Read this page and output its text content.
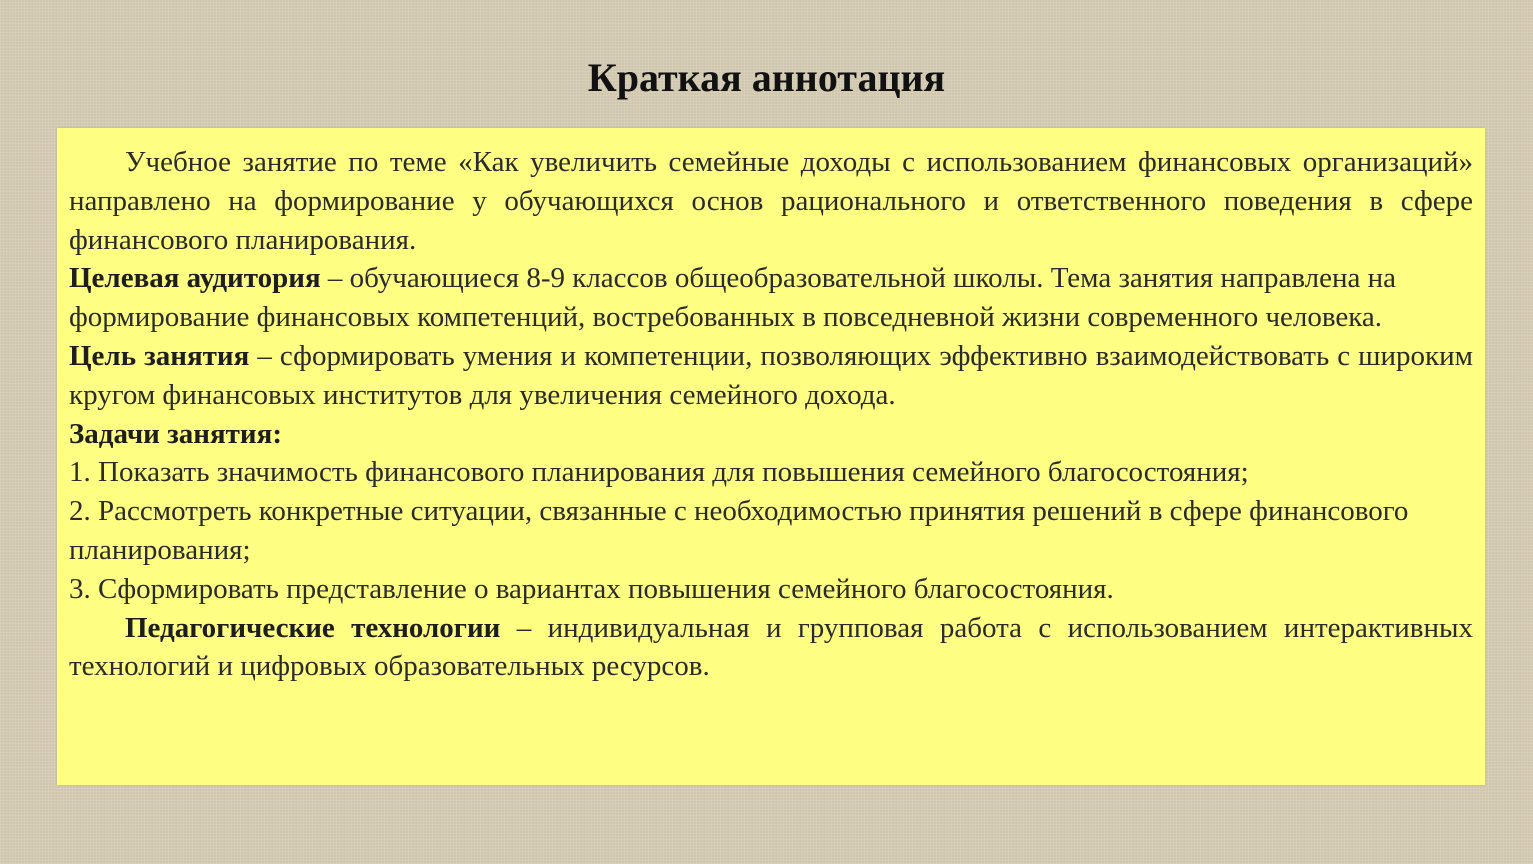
Краткая аннотация

Учебное занятие по теме «Как увеличить семейные доходы с использованием финансовых организаций» направлено на формирование у обучающихся основ рационального и ответственного поведения в сфере финансового планирования.

Целевая аудитория – обучающиеся 8-9 классов общеобразовательной школы. Тема занятия направлена на формирование финансовых компетенций, востребованных в повседневной жизни современного человека.

Цель занятия – сформировать умения и компетенции, позволяющих эффективно взаимодействовать с широким кругом финансовых институтов для увеличения семейного дохода.

Задачи занятия:

1. Показать значимость финансового планирования для повышения семейного благосостояния;

2. Рассмотреть конкретные ситуации, связанные с необходимостью принятия решений в сфере финансового планирования;

3. Сформировать представление о вариантах повышения семейного благосостояния.

Педагогические технологии – индивидуальная и групповая работа с использованием интерактивных технологий и цифровых образовательных ресурсов.
